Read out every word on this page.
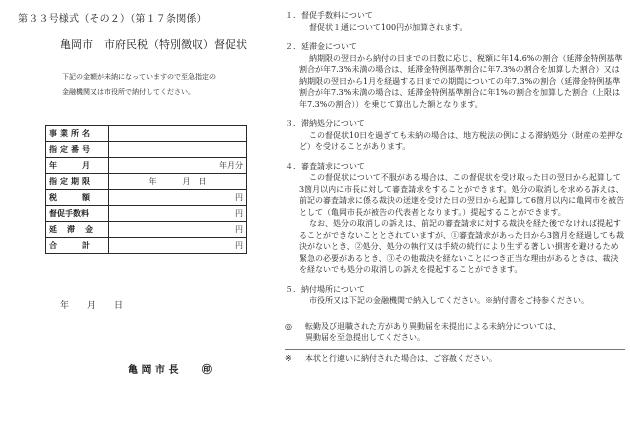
第３３号様式（その２）（第１７条関係）
亀岡市　市府民税（特別徴収）督促状
下記の金額が未納になっていますので至急指定の
金融機関又は市役所で納付してください。
事業所名	
指定番号	
年　　月	年月分
指定期限	年 月　日
税　　額	円
督促手数料	円
延　滞　金	円
合　　計	円
年　　月　　日
亀 岡 市 長　　 ㊞
１．督促手数料について
督促状１通について100円が加算されます。
２．延滞金について
納期限の翌日から納付の日までの日数に応じ、税額に年14.6%の割合（延滞金特例基準割合が年7.3%未満の場合は、延滞金特例基準割合に年7.3%の割合を加算した割合）又は納期限の翌日から1月を経過する日までの期間についての年7.3%の割合（延滞金特例基準割合が年7.3%未満の場合は、延滞金特例基準割合に年1%の割合を加算した割合（上限は年7.3%の割合））を乗じて算出した額となります。
３．滞納処分について
この督促状10日を過ぎても未納の場合は、地方税法の例による滞納処分（財産の差押など）を受けることがあります。
４．審査請求について
この督促状について不服がある場合は、この督促状を受け取った日の翌日から起算して3箇月以内に市長に対して審査請求をすることができます。処分の取消しを求める訴えは、前記の審査請求に係る裁決の送達を受けた日の翌日から起算して6箇月以内に亀岡市を被告として（亀岡市長が被告の代表者となります。）提起することができます。
なお、処分の取消しの訴えは、前記の審査請求に対する裁決を経た後でなければ提起することができないこととされていますが、①審査請求があった日から3箇月を経過しても裁決がないとき、②処分、処分の執行又は手続の続行により生ずる著しい損害を避けるため緊急の必要があるとき、③その他裁決を経ないことにつき正当な理由があるときは、裁決を経ないでも処分の取消しの訴えを提起することができます。
５．納付場所について
市役所又は下記の金融機関で納入してください。※納付書をご持参ください。
◎	転勤及び退職された方があり異動届を未提出による未納分については、
異動届を至急提出してください。
※	本状と行違いに納付された場合は、ご容赦ください。
